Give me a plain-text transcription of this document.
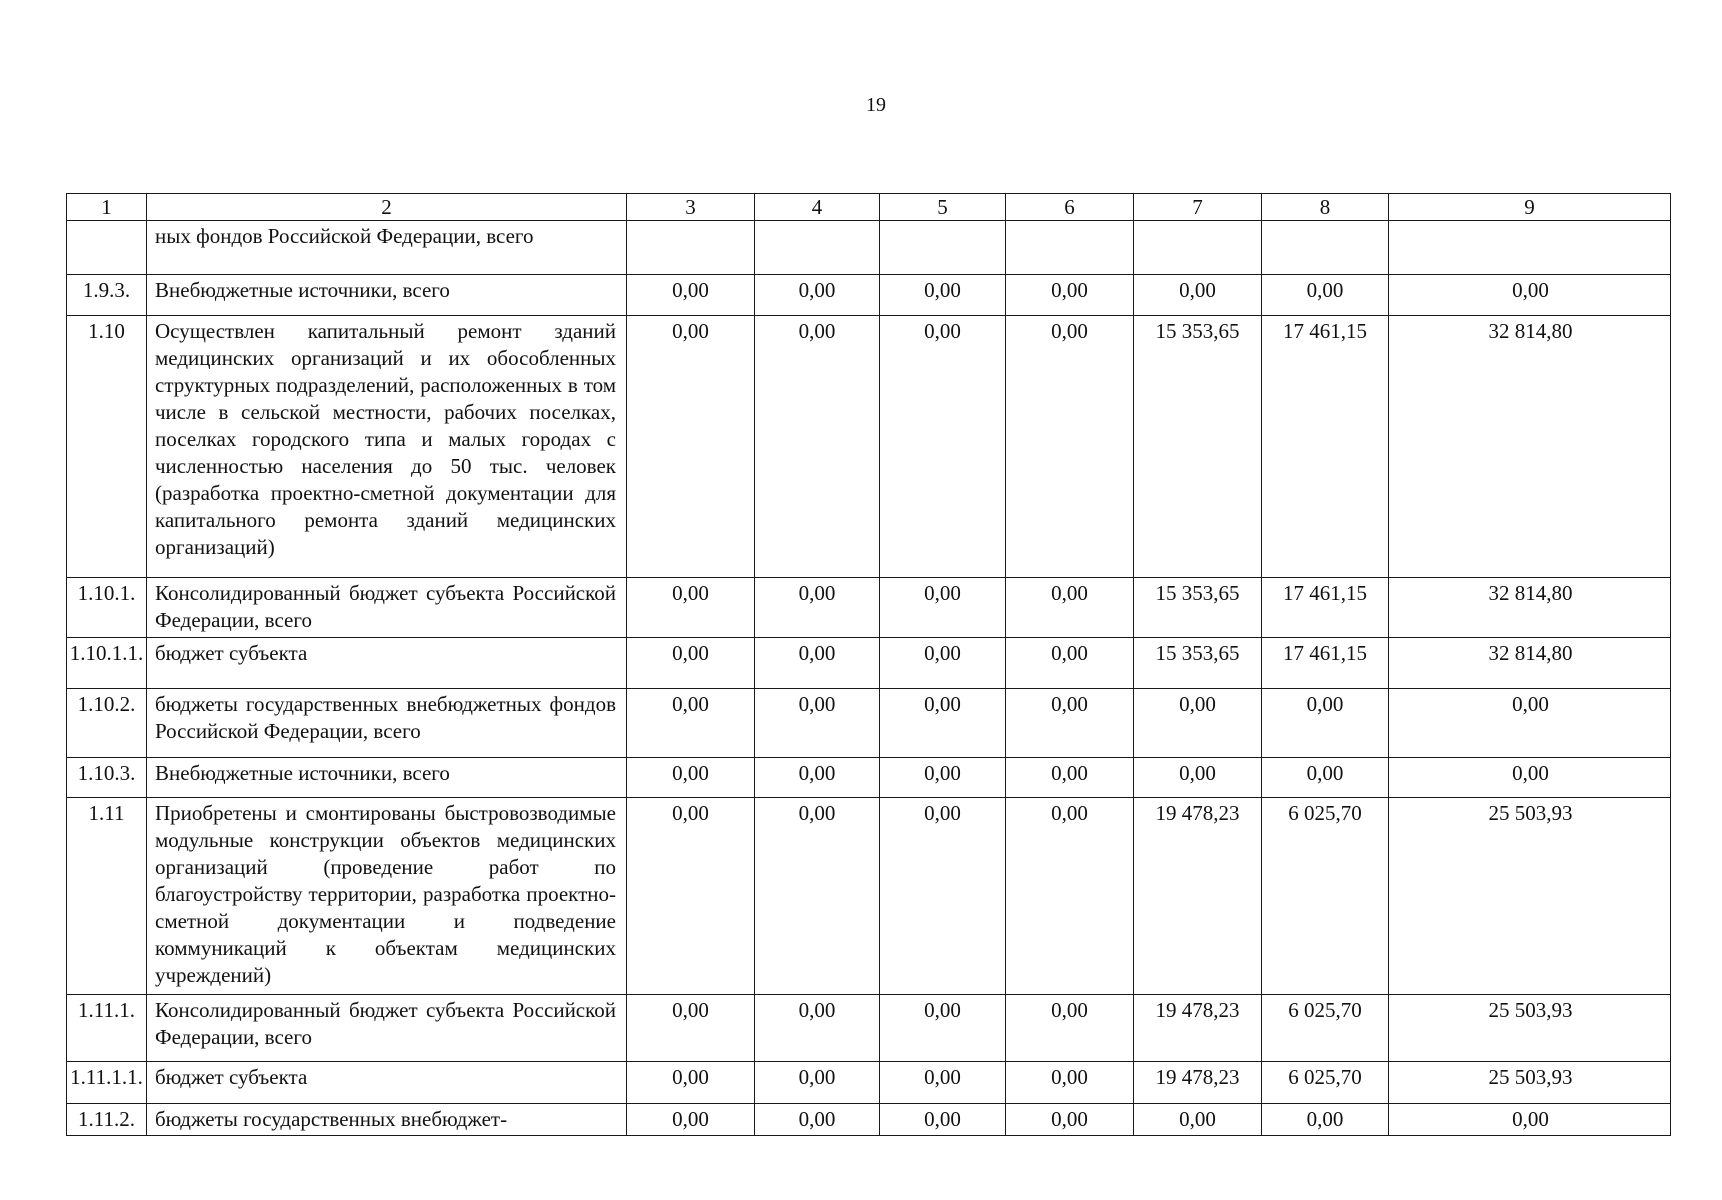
19
1	2	3	4	5	6	7	8	9
	ных фондов Российской Федерации, всего							
1.9.3.	Внебюджетные источники, всего	0,00	0,00	0,00	0,00	0,00	0,00	0,00
1.10	Осуществлен капитальный ремонт зданий медицинских организаций и их обособленных структурных подразделений, расположенных в том числе в сельской местности, рабочих поселках, поселках городского типа и малых городах с численностью населения до 50 тыс. человек (разработка проектно-сметной документации для капитального ремонта зданий медицинских организаций)	0,00	0,00	0,00	0,00	15 353,65	17 461,15	32 814,80
1.10.1.	Консолидированный бюджет субъекта Российской Федерации, всего	0,00	0,00	0,00	0,00	15 353,65	17 461,15	32 814,80
1.10.1.1.	бюджет субъекта	0,00	0,00	0,00	0,00	15 353,65	17 461,15	32 814,80
1.10.2.	бюджеты государственных внебюджетных фондов Российской Федерации, всего	0,00	0,00	0,00	0,00	0,00	0,00	0,00
1.10.3.	Внебюджетные источники, всего	0,00	0,00	0,00	0,00	0,00	0,00	0,00
1.11	Приобретены и смонтированы быстровозводимые модульные конструкции объектов медицинских организаций (проведение работ по благоустройству территории, разработка проектно-сметной документации и подведение коммуникаций к объектам медицинских учреждений)	0,00	0,00	0,00	0,00	19 478,23	6 025,70	25 503,93
1.11.1.	Консолидированный бюджет субъекта Российской Федерации, всего	0,00	0,00	0,00	0,00	19 478,23	6 025,70	25 503,93
1.11.1.1.	бюджет субъекта	0,00	0,00	0,00	0,00	19 478,23	6 025,70	25 503,93
1.11.2.	бюджеты государственных внебюджет-	0,00	0,00	0,00	0,00	0,00	0,00	0,00
